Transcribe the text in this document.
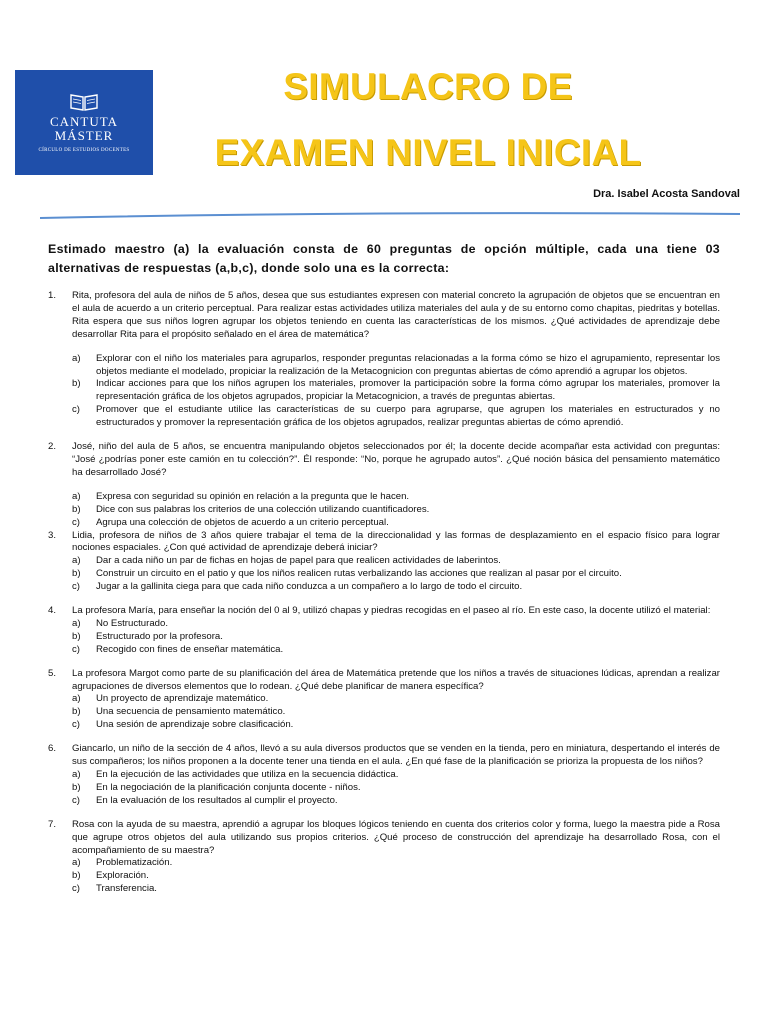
CANTUTA
MÁSTER
CÍRCULO DE ESTUDIOS DOCENTES
SIMULACRO DE
EXAMEN NIVEL INICIAL
Dra. Isabel Acosta Sandoval
Estimado maestro (a) la evaluación consta de 60 preguntas de opción múltiple, cada una tiene 03 alternativas de respuestas (a,b,c), donde solo una es la correcta:
1.	Rita, profesora del aula de niños de 5 años, desea que sus estudiantes expresen con material concreto la agrupación de objetos que se encuentran en el aula de acuerdo a un criterio perceptual. Para realizar estas actividades utiliza materiales del aula y de su entorno como chapitas, piedritas y botellas. Rita espera que sus niños logren agrupar los objetos teniendo en cuenta las características de los mismos. ¿Qué actividades de aprendizaje debe desarrollar Rita para el propósito señalado en el área de matemática?
a)	Explorar con el niño los materiales para agruparlos, responder preguntas relacionadas a la forma cómo se hizo el agrupamiento, representar los objetos mediante el modelado, propiciar la realización de la Metacognicion con preguntas abiertas de cómo aprendió a agrupar los objetos.
b)	Indicar acciones para que los niños agrupen los materiales, promover la participación sobre la forma cómo agrupar los materiales, promover la representación gráfica de los objetos agrupados, propiciar la Metacognicion, a través de preguntas abiertas.
c)	Promover que el estudiante utilice las características de su cuerpo para agruparse, que agrupen los materiales en estructurados y no estructurados y promover la representación gráfica de los objetos agrupados, realizar preguntas abiertas de cómo aprendió.
2.	José, niño del aula de 5 años, se encuentra manipulando objetos seleccionados por él; la docente decide acompañar esta actividad con preguntas: “José ¿podrías poner este camión en tu colección?”. Él responde: “No, porque he agrupado autos”. ¿Qué noción básica del pensamiento matemático ha desarrollado José?
a)	Expresa con seguridad su opinión en relación a la pregunta que le hacen.
b)	Dice con sus palabras los criterios de una colección utilizando cuantificadores.
c)	Agrupa una colección de objetos de acuerdo a un criterio perceptual.
3.	Lidia, profesora de niños de 3 años quiere trabajar el tema de la direccionalidad y las formas de desplazamiento en el espacio físico para lograr nociones espaciales. ¿Con qué actividad de aprendizaje deberá iniciar?
a)	Dar a cada niño un par de fichas en hojas de papel para que realicen actividades de laberintos.
b)	Construir un circuito en el patio y que los niños realicen rutas verbalizando las acciones que realizan al pasar por el circuito.
c)	Jugar a la gallinita ciega para que cada niño conduzca a un compañero a lo largo de todo el circuito.
4.	La profesora María, para enseñar la noción del 0 al 9, utilizó chapas y piedras recogidas en el paseo al río. En este caso, la docente utilizó el material:
a)	No Estructurado.
b)	Estructurado por la profesora.
c)	Recogido con fines de enseñar matemática.
5.	La profesora Margot como parte de su planificación del área de Matemática pretende que los niños a través de situaciones lúdicas, aprendan a realizar agrupaciones de diversos elementos que lo rodean. ¿Qué debe planificar de manera específica?
a)	Un proyecto de aprendizaje matemático.
b)	Una secuencia de pensamiento matemático.
c)	Una sesión de aprendizaje sobre clasificación.
6.	Giancarlo, un niño de la sección de 4 años, llevó a su aula diversos productos que se venden en la tienda, pero en miniatura, despertando el interés de sus compañeros; los niños proponen a la docente tener una tienda en el aula. ¿En qué fase de la planificación se prioriza la propuesta de los niños?
a)	En la ejecución de las actividades que utiliza en la secuencia didáctica.
b)	En la negociación de la planificación conjunta docente - niños.
c)	En la evaluación de los resultados al cumplir el proyecto.
7.	Rosa con la ayuda de su maestra, aprendió a agrupar los bloques lógicos teniendo en cuenta dos criterios color y forma, luego la maestra pide a Rosa que agrupe otros objetos del aula utilizando sus propios criterios. ¿Qué proceso de construcción del aprendizaje ha desarrollado Rosa, con el acompañamiento de su maestra?
a)	Problematización.
b)	Exploración.
c)	Transferencia.
